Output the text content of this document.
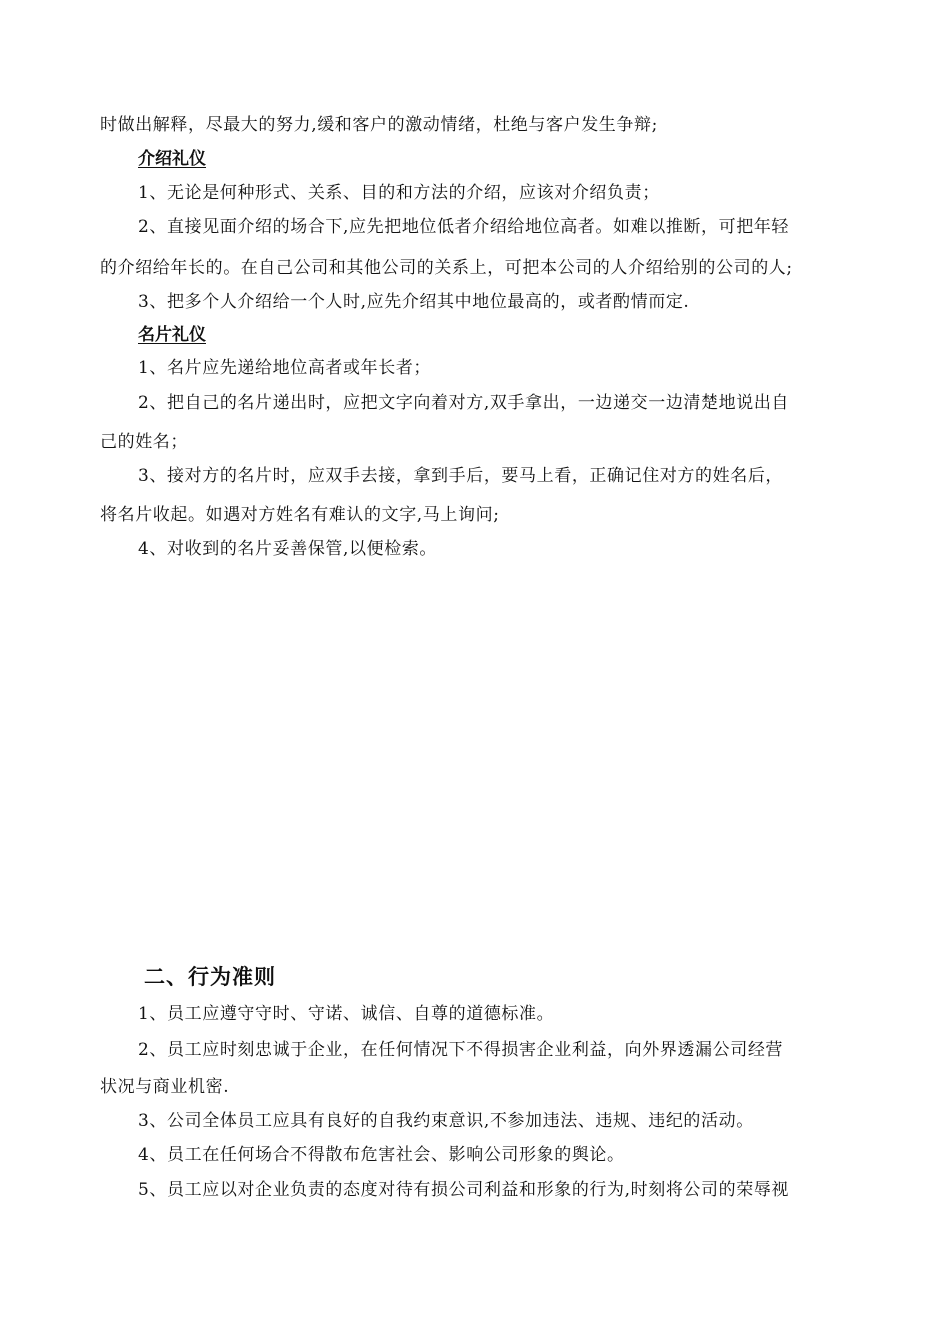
时做出解释，尽最大的努力,缓和客户的激动情绪，杜绝与客户发生争辩;
介绍礼仪
1、无论是何种形式、关系、目的和方法的介绍，应该对介绍负责；
2、直接见面介绍的场合下,应先把地位低者介绍给地位高者。如难以推断，可把年轻
的介绍给年长的。在自己公司和其他公司的关系上，可把本公司的人介绍给别的公司的人;
3、把多个人介绍给一个人时,应先介绍其中地位最高的，或者酌情而定.
名片礼仪
1、名片应先递给地位高者或年长者；
2、把自己的名片递出时，应把文字向着对方,双手拿出，一边递交一边清楚地说出自
己的姓名；
3、接对方的名片时，应双手去接，拿到手后，要马上看，正确记住对方的姓名后，
将名片收起。如遇对方姓名有难认的文字,马上询问;
4、对收到的名片妥善保管,以便检索。
二、行为准则
1、员工应遵守守时、守诺、诚信、自尊的道德标准。
2、员工应时刻忠诚于企业，在任何情况下不得损害企业利益，向外界透漏公司经营
状况与商业机密.
3、公司全体员工应具有良好的自我约束意识,不参加违法、违规、违纪的活动。
4、员工在任何场合不得散布危害社会、影响公司形象的舆论。
5、员工应以对企业负责的态度对待有损公司利益和形象的行为,时刻将公司的荣辱视
